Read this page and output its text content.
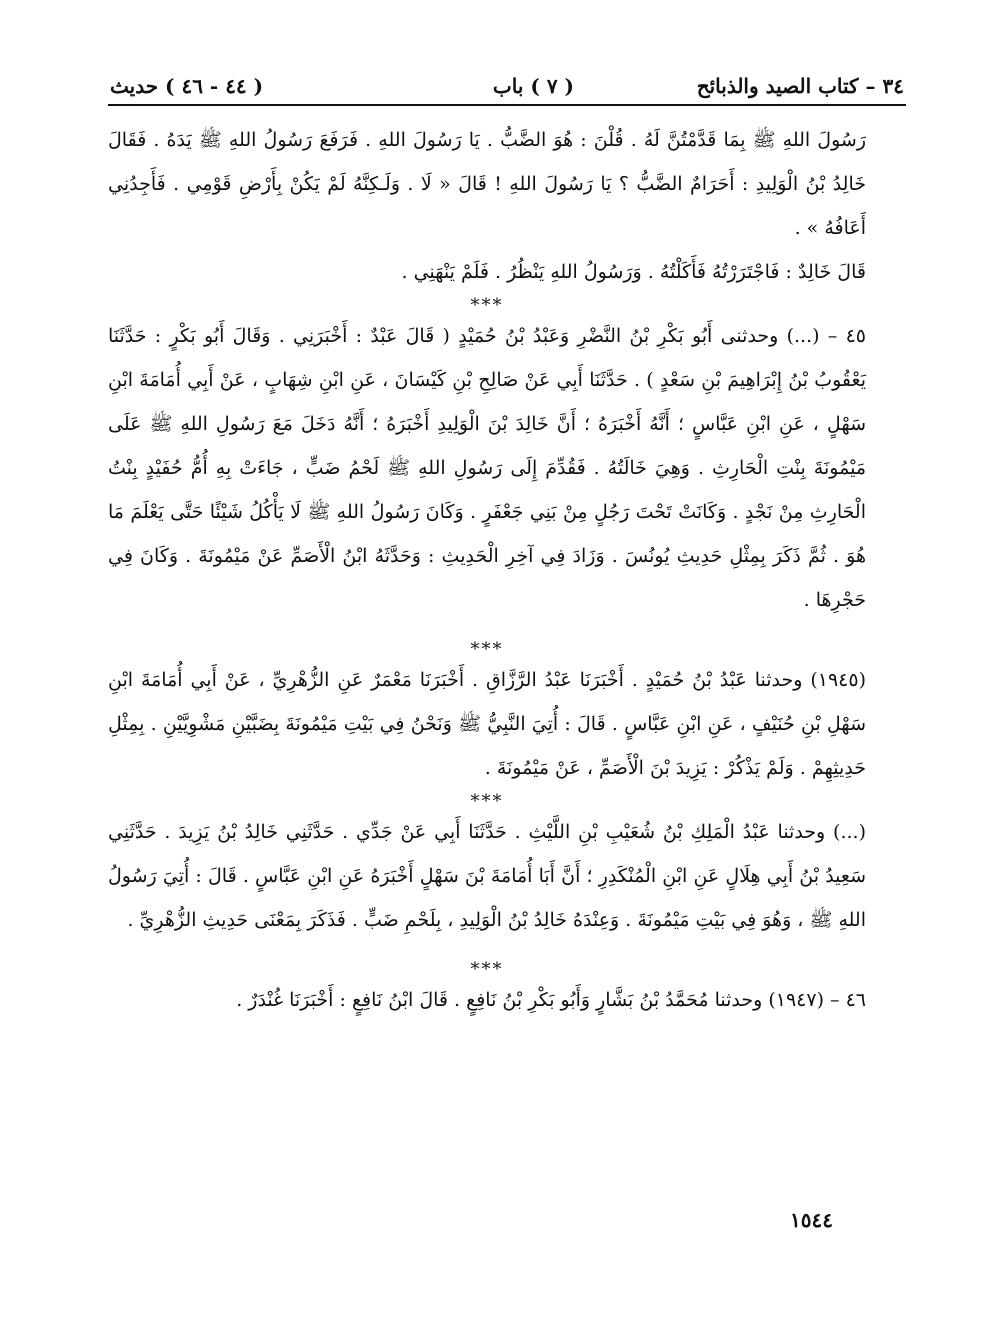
٣٤ – كتاب الصيد والذبائح
( ٧ ) باب
( ٤٤ - ٤٦ ) حديث

رَسُولَ اللهِ ﷺ بِمَا قَدَّمْتُنَّ لَهُ . قُلْنَ : هُوَ الضَّبُّ . يَا رَسُولَ اللهِ . فَرَفَعَ رَسُولُ اللهِ ﷺ يَدَهُ . فَقَالَ خَالِدُ بْنُ الْوَلِيدِ : أَحَرَامٌ الضَّبُّ ؟ يَا رَسُولَ اللهِ ! قَالَ « لَا . وَلَـكِنَّهُ لَمْ يَكُنْ بِأَرْضِ قَوْمِي . فَأَجِدُنِي أَعَافُهُ » .

قَالَ خَالِدٌ : فَاجْتَرَرْتُهُ فَأَكَلْتُهُ . وَرَسُولُ اللهِ يَنْظُرُ . فَلَمْ يَنْهَنِي .

***

٤٥ – (...) وحدثنى أَبُو بَكْرِ بْنُ النَّضْرِ وَعَبْدُ بْنُ حُمَيْدٍ ( قَالَ عَبْدٌ : أَخْبَرَنِي . وَقَالَ أَبُو بَكْرٍ : حَدَّثَنَا يَعْقُوبُ بْنُ إِبْرَاهِيمَ بْنِ سَعْدٍ ) . حَدَّثَنَا أَبِي عَنْ صَالِحِ بْنِ كَيْسَانَ ، عَنِ ابْنِ شِهَابٍ ، عَنْ أَبِي أُمَامَةَ ابْنِ سَهْلٍ ، عَنِ ابْنِ عَبَّاسٍ ؛ أَنَّهُ أَخْبَرَهُ ؛ أَنَّ خَالِدَ بْنَ الْوَلِيدِ أَخْبَرَهُ ؛ أَنَّهُ دَخَلَ مَعَ رَسُولِ اللهِ ﷺ عَلَى مَيْمُونَةَ بِنْتِ الْحَارِثِ . وَهِيَ خَالَتُهُ . فَقُدِّمَ إِلَى رَسُولِ اللهِ ﷺ لَحْمُ ضَبٍّ ، جَاءَتْ بِهِ أُمُّ حُفَيْدٍ بِنْتُ الْحَارِثِ مِنْ نَجْدٍ . وَكَانَتْ تَحْتَ رَجُلٍ مِنْ بَنِي جَعْفَرٍ . وَكَانَ رَسُولُ اللهِ ﷺ لَا يَأْكُلُ شَيْئًا حَتَّى يَعْلَمَ مَا هُوَ . ثُمَّ ذَكَرَ بِمِثْلِ حَدِيثِ يُونُسَ . وَزَادَ فِي آخِرِ الْحَدِيثِ : وَحَدَّثَهُ ابْنُ الْأَصَمِّ عَنْ مَيْمُونَةَ . وَكَانَ فِي حَجْرِهَا .

***

(١٩٤٥) وحدثنا عَبْدُ بْنُ حُمَيْدٍ . أَخْبَرَنَا عَبْدُ الرَّزَّاقِ . أَخْبَرَنَا مَعْمَرٌ عَنِ الزُّهْرِيِّ ، عَنْ أَبِي أُمَامَةَ ابْنِ سَهْلِ بْنِ حُنَيْفٍ ، عَنِ ابْنِ عَبَّاسٍ . قَالَ : أُتِيَ النَّبِيُّ ﷺ وَنَحْنُ فِي بَيْتِ مَيْمُونَةَ بِضَبَّيْنِ مَشْوِيَّيْنِ . بِمِثْلِ حَدِيثِهِمْ . وَلَمْ يَذْكُرْ : يَزِيدَ بْنَ الْأَصَمِّ ، عَنْ مَيْمُونَةَ .

***

(...) وحدثنا عَبْدُ الْمَلِكِ بْنُ شُعَيْبِ بْنِ اللَّيْثِ . حَدَّثَنَا أَبِي عَنْ جَدِّي . حَدَّثَنِي خَالِدُ بْنُ يَزِيدَ . حَدَّثَنِي سَعِيدُ بْنُ أَبِي هِلَالٍ عَنِ ابْنِ الْمُنْكَدِرِ ؛ أَنَّ أَبَا أُمَامَةَ بْنَ سَهْلٍ أَخْبَرَهُ عَنِ ابْنِ عَبَّاسٍ . قَالَ : أُتِيَ رَسُولُ اللهِ ﷺ ، وَهُوَ فِي بَيْتِ مَيْمُونَةَ . وَعِنْدَهُ خَالِدُ بْنُ الْوَلِيدِ ، بِلَحْمِ ضَبٍّ . فَذَكَرَ بِمَعْنَى حَدِيثِ الزُّهْرِيِّ .

***

٤٦ – (١٩٤٧) وحدثنا مُحَمَّدُ بْنُ بَشَّارٍ وَأَبُو بَكْرِ بْنُ نَافِعٍ . قَالَ ابْنُ نَافِعٍ : أَخْبَرَنَا غُنْدَرٌ .

١٥٤٤
